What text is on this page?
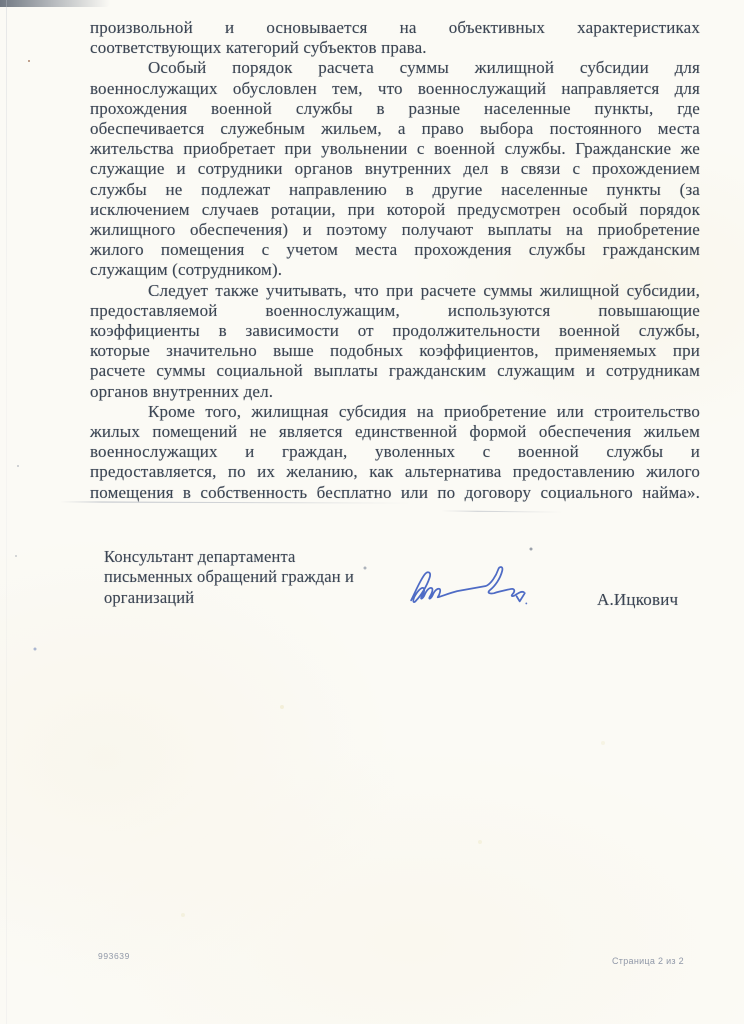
произвольной и основывается на объективных характеристиках
соответствующих категорий субъектов права.
Особый порядок расчета суммы жилищной субсидии для
военнослужащих обусловлен тем, что военнослужащий направляется для
прохождения военной службы в разные населенные пункты, где
обеспечивается служебным жильем, а право выбора постоянного места
жительства приобретает при увольнении с военной службы. Гражданские же
служащие и сотрудники органов внутренних дел в связи с прохождением
службы не подлежат направлению в другие населенные пункты (за
исключением случаев ротации, при которой предусмотрен особый порядок
жилищного обеспечения) и поэтому получают выплаты на приобретение
жилого помещения с учетом места прохождения службы гражданским
служащим (сотрудником).
Следует также учитывать, что при расчете суммы жилищной субсидии,
предоставляемой военнослужащим, используются повышающие
коэффициенты в зависимости от продолжительности военной службы,
которые значительно выше подобных коэффициентов, применяемых при
расчете суммы социальной выплаты гражданским служащим и сотрудникам
органов внутренних дел.
Кроме того, жилищная субсидия на приобретение или строительство
жилых помещений не является единственной формой обеспечения жильем
военнослужащих и граждан, уволенных с военной службы и
предоставляется, по их желанию, как альтернатива предоставлению жилого
помещения в собственность бесплатно или по договору социального найма».
Консультант департамента
письменных обращений граждан и
организаций	А.Ицкович
993639	Страница 2 из 2
